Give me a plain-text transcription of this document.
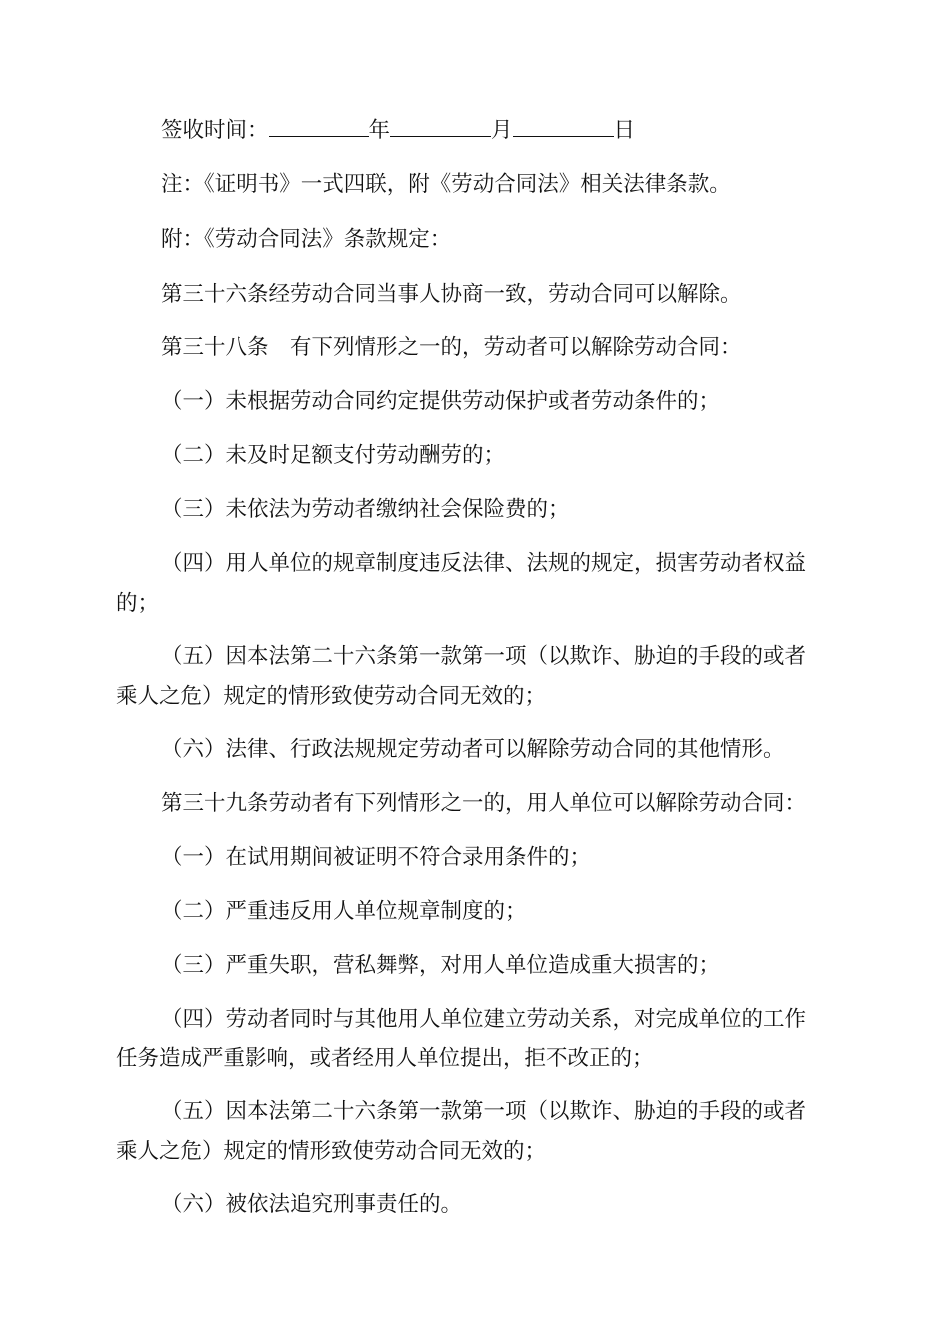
签收时间：	年	月	日
注：《证明书》一式四联，附《劳动合同法》相关法律条款。
附：《劳动合同法》条款规定：
第三十六条经劳动合同当事人协商一致，劳动合同可以解除。
第三十八条　有下列情形之一的，劳动者可以解除劳动合同：
（一）未根据劳动合同约定提供劳动保护或者劳动条件的；
（二）未及时足额支付劳动酬劳的；
（三）未依法为劳动者缴纳社会保险费的；
（四）用人单位的规章制度违反法律、法规的规定，损害劳动者权益
的；
（五）因本法第二十六条第一款第一项（以欺诈、胁迫的手段的或者
乘人之危）规定的情形致使劳动合同无效的；
（六）法律、行政法规规定劳动者可以解除劳动合同的其他情形。
第三十九条劳动者有下列情形之一的，用人单位可以解除劳动合同：
（一）在试用期间被证明不符合录用条件的；
（二）严重违反用人单位规章制度的；
（三）严重失职，营私舞弊，对用人单位造成重大损害的；
（四）劳动者同时与其他用人单位建立劳动关系，对完成单位的工作
任务造成严重影响，或者经用人单位提出，拒不改正的；
（五）因本法第二十六条第一款第一项（以欺诈、胁迫的手段的或者
乘人之危）规定的情形致使劳动合同无效的；
（六）被依法追究刑事责任的。
